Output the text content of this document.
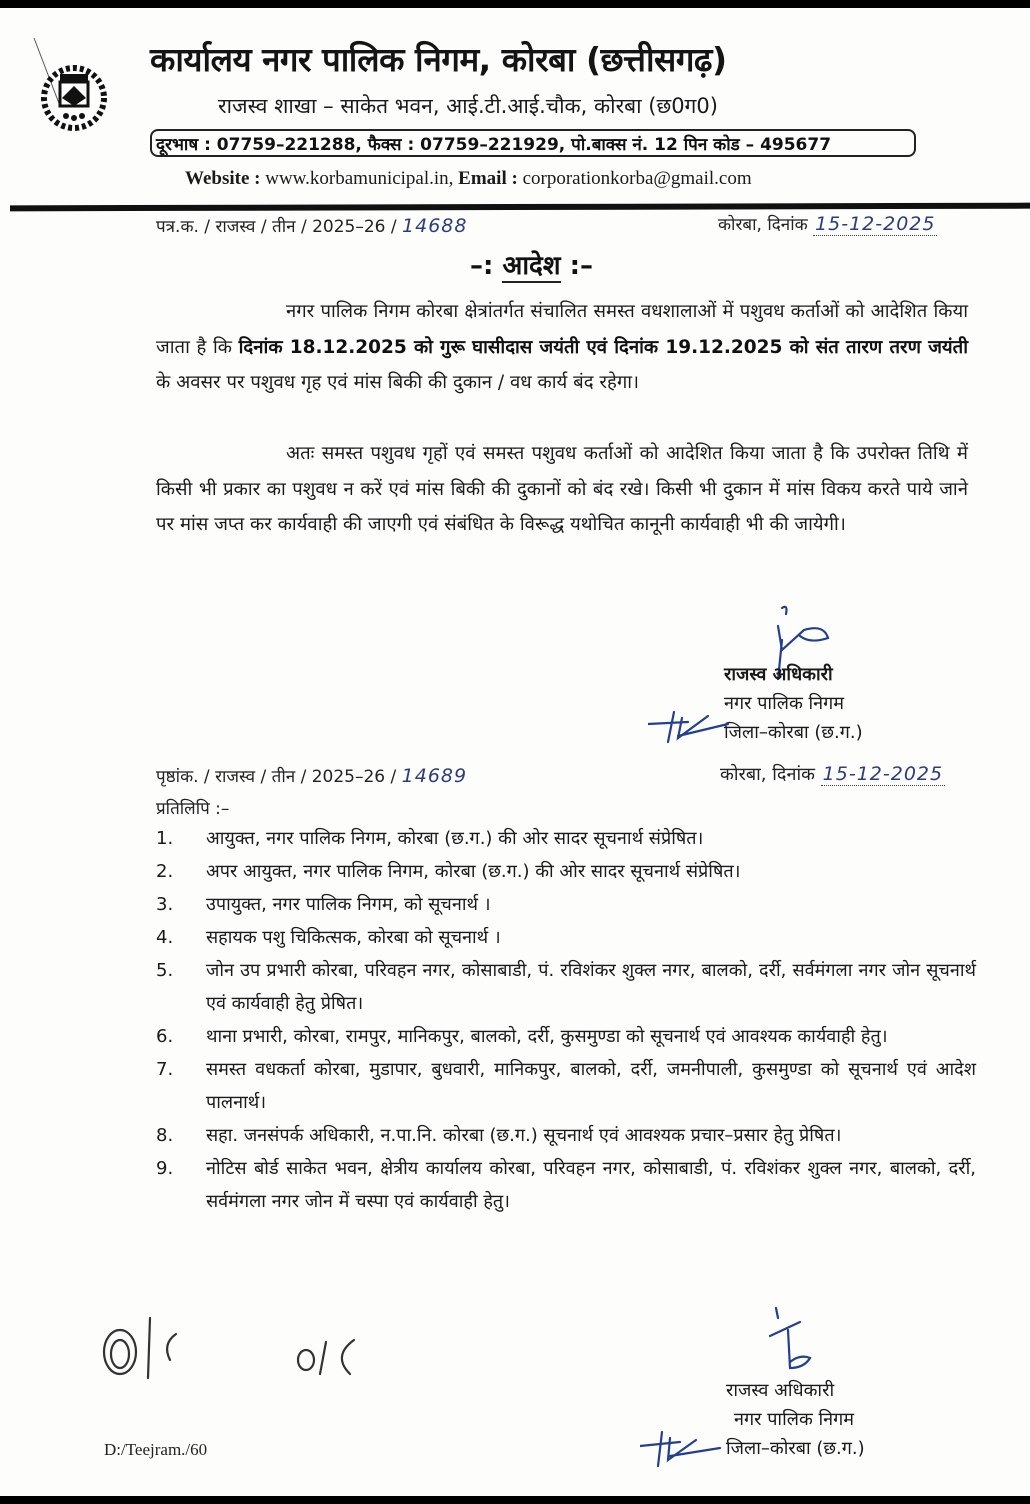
कार्यालय नगर पालिक निगम, कोरबा (छत्तीसगढ़)
राजस्व शाखा – साकेत भवन, आई.टी.आई.चौक, कोरबा (छ0ग0)
दूरभाष : 07759–221288, फैक्स : 07759–221929, पो.बाक्स नं. 12 पिन कोड – 495677
Website : www.korbamunicipal.in, Email : corporationkorba@gmail.com
पत्र.क. / राजस्व / तीन / 2025–26 / 14688	कोरबा, दिनांक 15-12-2025
–: आदेश :–
नगर पालिक निगम कोरबा क्षेत्रांतर्गत संचालित समस्त वधशालाओं में पशुवध कर्ताओं को आदेशित किया जाता है कि दिनांक 18.12.2025 को गुरू घासीदास जयंती एवं दिनांक 19.12.2025 को संत तारण तरण जयंती के अवसर पर पशुवध गृह एवं मांस बिकी की दुकान / वध कार्य बंद रहेगा।
अतः समस्त पशुवध गृहों एवं समस्त पशुवध कर्ताओं को आदेशित किया जाता है कि उपरोक्त तिथि में किसी भी प्रकार का पशुवध न करें एवं मांस बिकी की दुकानों को बंद रखे। किसी भी दुकान में मांस विकय करते पाये जाने पर मांस जप्त कर कार्यवाही की जाएगी एवं संबंधित के विरूद्ध यथोचित कानूनी कार्यवाही भी की जायेगी।
राजस्व अधिकारी
नगर पालिक निगम
जिला–कोरबा (छ.ग.)
पृष्ठांक. / राजस्व / तीन / 2025–26 / 14689	कोरबा, दिनांक 15-12-2025
प्रतिलिपि :–
1.	आयुक्त, नगर पालिक निगम, कोरबा (छ.ग.) की ओर सादर सूचनार्थ संप्रेषित।
2.	अपर आयुक्त, नगर पालिक निगम, कोरबा (छ.ग.) की ओर सादर सूचनार्थ संप्रेषित।
3.	उपायुक्त, नगर पालिक निगम, को सूचनार्थ ।
4.	सहायक पशु चिकित्सक, कोरबा को सूचनार्थ ।
5.	जोन उप प्रभारी कोरबा, परिवहन नगर, कोसाबाडी, पं. रविशंकर शुक्ल नगर, बालको, दर्री, सर्वमंगला नगर जोन सूचनार्थ एवं कार्यवाही हेतु प्रेषित।
6.	थाना प्रभारी, कोरबा, रामपुर, मानिकपुर, बालको, दर्री, कुसमुण्डा को सूचनार्थ एवं आवश्यक कार्यवाही हेतु।
7.	समस्त वधकर्ता कोरबा, मुडापार, बुधवारी, मानिकपुर, बालको, दर्री, जमनीपाली, कुसमुण्डा को सूचनार्थ एवं आदेश पालनार्थ।
8.	सहा. जनसंपर्क अधिकारी, न.पा.नि. कोरबा (छ.ग.) सूचनार्थ एवं आवश्यक प्रचार–प्रसार हेतु प्रेषित।
9.	नोटिस बोर्ड साकेत भवन, क्षेत्रीय कार्यालय कोरबा, परिवहन नगर, कोसाबाडी, पं. रविशंकर शुक्ल नगर, बालको, दर्री, सर्वमंगला नगर जोन में चस्पा एवं कार्यवाही हेतु।
राजस्व अधिकारी
नगर पालिक निगम
जिला–कोरबा (छ.ग.)
D:/Teejram./60
